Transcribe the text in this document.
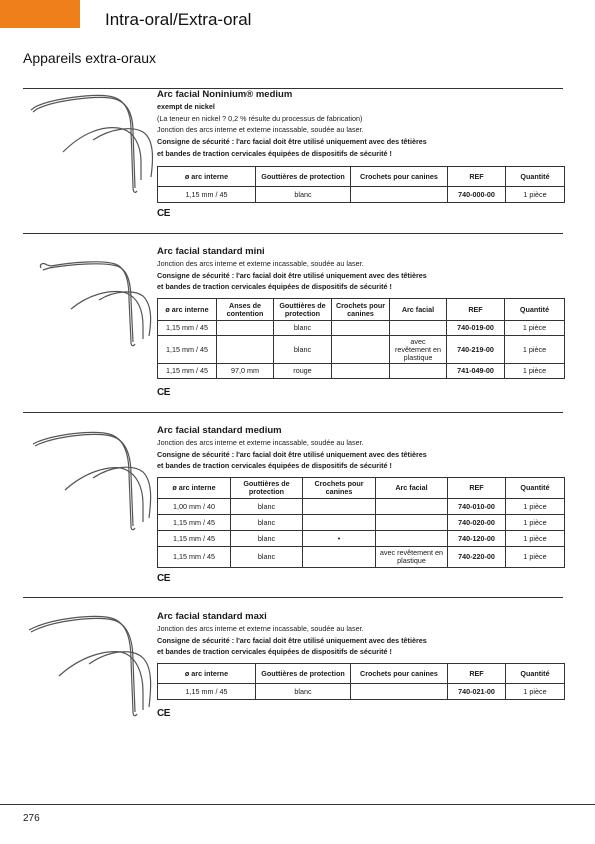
Intra-oral/Extra-oral
Appareils extra-oraux
Arc facial Noninium® medium
exempt de nickel
(La teneur en nickel ? 0,2 % résulte du processus de fabrication)
Jonction des arcs interne et externe incassable, soudée au laser.
Consigne de sécurité : l'arc facial doit être utilisé uniquement avec des têtières
et bandes de traction cervicales équipées de dispositifs de sécurité !
ø arc interne	Gouttières de protection	Crochets pour canines	REF	Quantité
1,15 mm / 45	blanc		740-000-00	1 pièce
CE
Arc facial standard mini
Jonction des arcs interne et externe incassable, soudée au laser.
Consigne de sécurité : l'arc facial doit être utilisé uniquement avec des têtières
et bandes de traction cervicales équipées de dispositifs de sécurité !
ø arc interne	Anses de contention	Gouttières de protection	Crochets pour canines	Arc facial	REF	Quantité
1,15 mm / 45		blanc			740-019-00	1 pièce
1,15 mm / 45		blanc		avec revêtement en plastique	740-219-00	1 pièce
1,15 mm / 45	97,0 mm	rouge			741-049-00	1 pièce
CE
Arc facial standard medium
Jonction des arcs interne et externe incassable, soudée au laser.
Consigne de sécurité : l'arc facial doit être utilisé uniquement avec des têtières
et bandes de traction cervicales équipées de dispositifs de sécurité !
ø arc interne	Gouttières de protection	Crochets pour canines	Arc facial	REF	Quantité
1,00 mm / 40	blanc			740-010-00	1 pièce
1,15 mm / 45	blanc			740-020-00	1 pièce
1,15 mm / 45	blanc	•		740-120-00	1 pièce
1,15 mm / 45	blanc		avec revêtement en plastique	740-220-00	1 pièce
CE
Arc facial standard maxi
Jonction des arcs interne et externe incassable, soudée au laser.
Consigne de sécurité : l'arc facial doit être utilisé uniquement avec des têtières
et bandes de traction cervicales équipées de dispositifs de sécurité !
ø arc interne	Gouttières de protection	Crochets pour canines	REF	Quantité
1,15 mm / 45	blanc		740-021-00	1 pièce
CE
276
